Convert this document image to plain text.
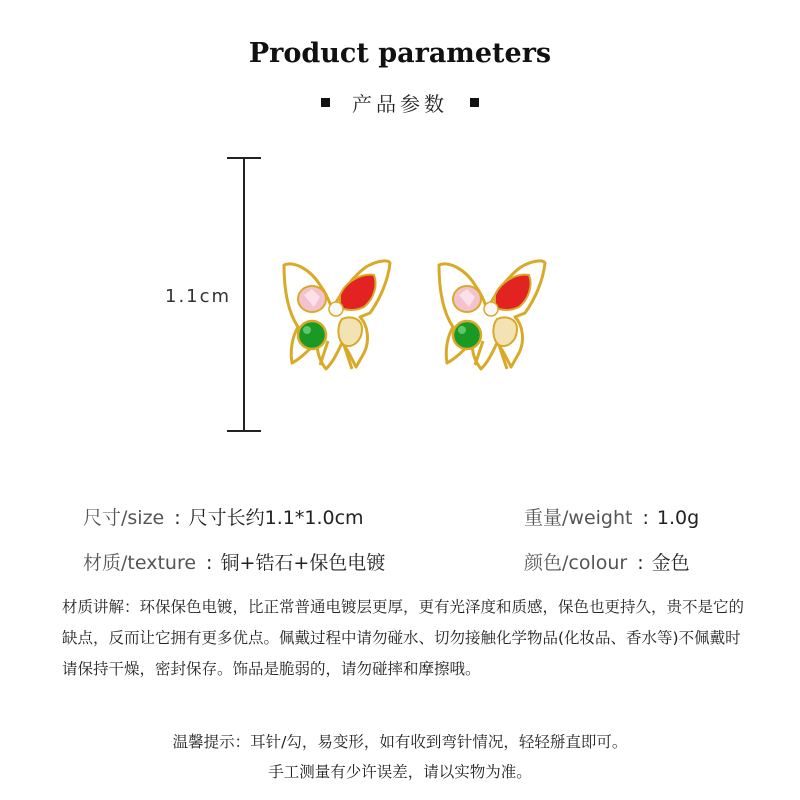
Product parameters
产品参数
1.1cm
尺寸/size : 尺寸长约1.1*1.0cm	重量/weight : 1.0g
材质/texture : 铜+锆石+保色电镀	颜色/colour : 金色
材质讲解：环保保色电镀，比正常普通电镀层更厚，更有光泽度和质感，保色也更持久，贵不是它的缺点，反而让它拥有更多优点。佩戴过程中请勿碰水、切勿接触化学物品(化妆品、香水等)不佩戴时请保持干燥，密封保存。饰品是脆弱的，请勿碰摔和摩擦哦。
温馨提示：耳针/勾，易变形，如有收到弯针情况，轻轻掰直即可。
手工测量有少许误差，请以实物为准。
